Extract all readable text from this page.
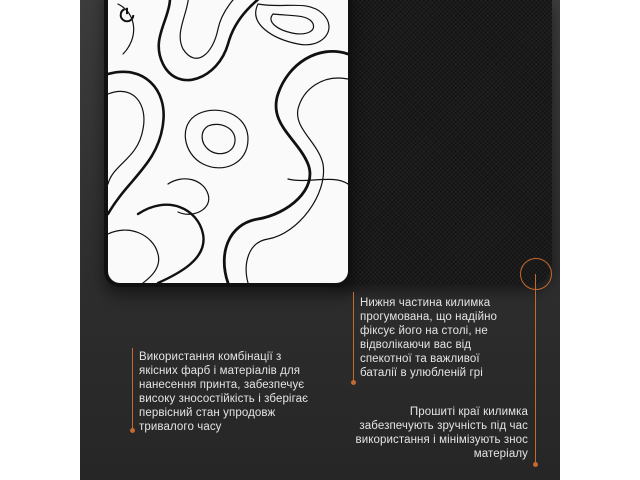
Використання комбінації з
якісних фарб і матеріалів для
нанесення принта, забезпечує
високу зносостійкість і зберігає
первісний стан упродовж
тривалого часу
Нижня частина килимка
прогумована, що надійно
фіксує його на столі, не
відволікаючи вас від
спекотної та важливої
баталії в улюбленій грі
Прошиті краї килимка
забезпечують зручність під час
використання і мінімізують знос
матеріалу
